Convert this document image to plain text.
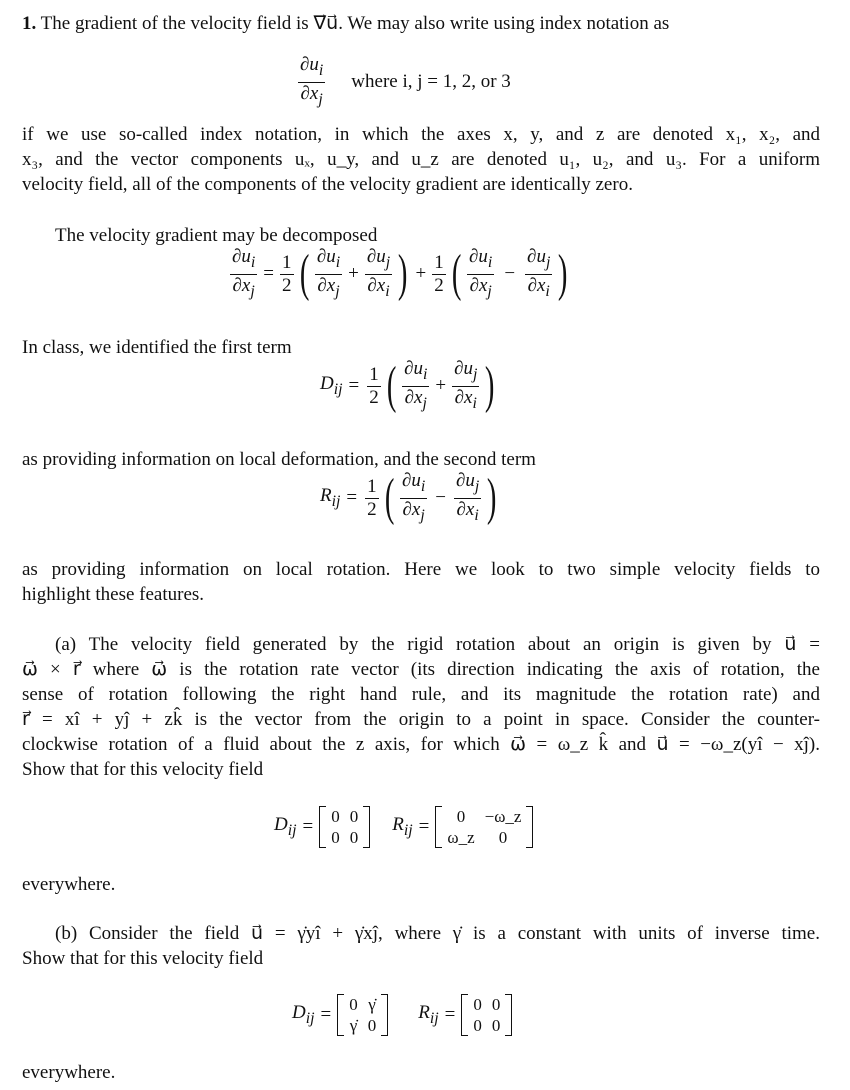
1. The gradient of the velocity field is ∇⃗u⃗. We may also write using index notation as
$\frac{\partial u_i}{\partial x_j}$ where i, j = 1, 2, or 3
if we use so-called index notation, in which the axes x, y, and z are denoted x₁, x₂, and
x₃, and the vector components uₓ, u_y, and u_z are denoted u₁, u₂, and u₃. For a uniform
velocity field, all of the components of the velocity gradient are identically zero.
The velocity gradient may be decomposed
$\frac{\partial u_i}{\partial x_j} = \frac{1}{2}$ ( $\frac{\partial u_i}{\partial x_j} + \frac{\partial u_j}{\partial x_i}$ ) + $\frac{1}{2}$ ( $\frac{\partial u_i}{\partial x_j} - \frac{\partial u_j}{\partial x_i}$ )
In class, we identified the first term
$D_{ij} = \frac{1}{2}$ ( $\frac{\partial u_i}{\partial x_j} + \frac{\partial u_j}{\partial x_i}$ )
as providing information on local deformation, and the second term
$R_{ij} = \frac{1}{2}$ ( $\frac{\partial u_i}{\partial x_j} - \frac{\partial u_j}{\partial x_i}$ )
as providing information on local rotation. Here we look to two simple velocity fields to
highlight these features.
(a) The velocity field generated by the rigid rotation about an origin is given by u⃗ =
ω⃗ × r⃗ where ω⃗ is the rotation rate vector (its direction indicating the axis of rotation, the
sense of rotation following the right hand rule, and its magnitude the rotation rate) and
r⃗ = xî + yĵ + zk̂ is the vector from the origin to a point in space. Consider the counter-
clockwise rotation of a fluid about the z axis, for which ω⃗ = ω_z k̂ and u⃗ = −ω_z(yî − xĵ).
Show that for this velocity field
$D_{ij} = 0$	0
0	0
$R_{ij} = 0$	−ω_z
ω_z	0
everywhere.
(b) Consider the field u⃗ = γ̇yî + γ̇xĵ, where γ̇ is a constant with units of inverse time.
Show that for this velocity field
$D_{ij} = 0$	γ̇
γ̇	0
$R_{ij} = 0$	0
0	0
everywhere.
